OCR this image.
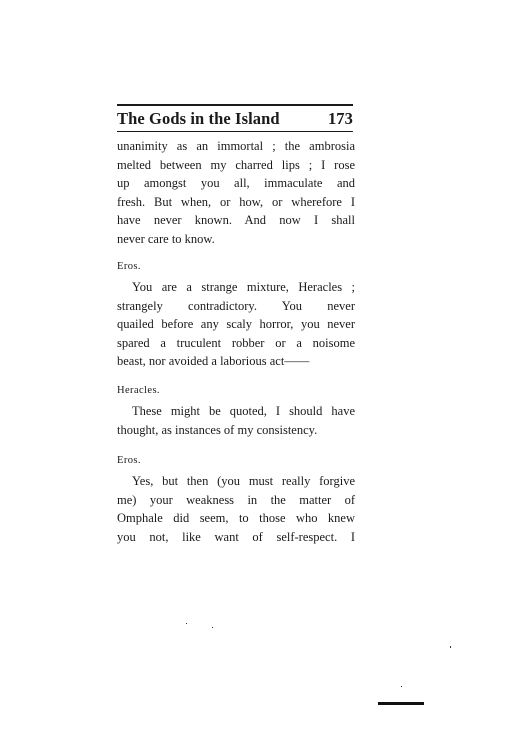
The Gods in the Island	173
unanimity as an immortal ; the ambrosia
melted between my charred lips ; I rose
up amongst you all, immaculate and
fresh. But when, or how, or wherefore I
have never known. And now I shall
never care to know.
Eros.
You are a strange mixture, Heracles ;
strangely contradictory. You never
quailed before any scaly horror, you never
spared a truculent robber or a noisome
beast, nor avoided a laborious act——
Heracles.
These might be quoted, I should have
thought, as instances of my consistency.
Eros.
Yes, but then (you must really forgive
me) your weakness in the matter of
Omphale did seem, to those who knew
you not, like want of self-respect. I
